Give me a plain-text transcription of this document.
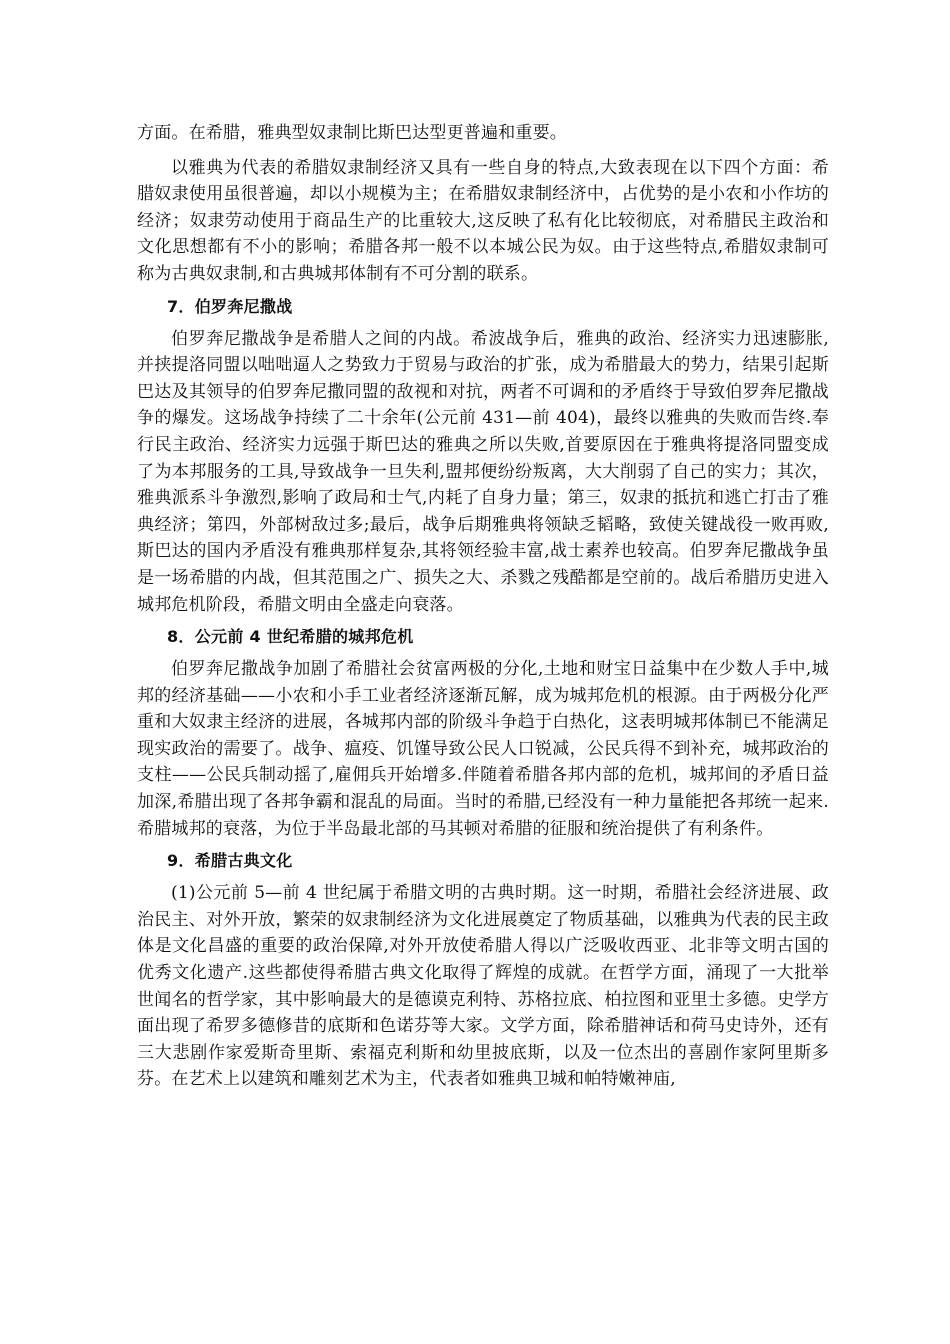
方面。在希腊，雅典型奴隶制比斯巴达型更普遍和重要。

以雅典为代表的希腊奴隶制经济又具有一些自身的特点,大致表现在以下四个方面：希腊奴隶使用虽很普遍，却以小规模为主；在希腊奴隶制经济中，占优势的是小农和小作坊的经济；奴隶劳动使用于商品生产的比重较大,这反映了私有化比较彻底，对希腊民主政治和文化思想都有不小的影响；希腊各邦一般不以本城公民为奴。由于这些特点,希腊奴隶制可称为古典奴隶制,和古典城邦体制有不可分割的联系。

7．伯罗奔尼撒战

伯罗奔尼撒战争是希腊人之间的内战。希波战争后，雅典的政治、经济实力迅速膨胀,并挟提洛同盟以咄咄逼人之势致力于贸易与政治的扩张，成为希腊最大的势力，结果引起斯巴达及其领导的伯罗奔尼撒同盟的敌视和对抗，两者不可调和的矛盾终于导致伯罗奔尼撒战争的爆发。这场战争持续了二十余年(公元前 431—前 404)，最终以雅典的失败而告终.奉行民主政治、经济实力远强于斯巴达的雅典之所以失败,首要原因在于雅典将提洛同盟变成了为本邦服务的工具,导致战争一旦失利,盟邦便纷纷叛离，大大削弱了自己的实力；其次，雅典派系斗争激烈,影响了政局和士气,内耗了自身力量；第三，奴隶的抵抗和逃亡打击了雅典经济；第四，外部树敌过多;最后，战争后期雅典将领缺乏韬略，致使关键战役一败再败,斯巴达的国内矛盾没有雅典那样复杂,其将领经验丰富,战士素养也较高。伯罗奔尼撒战争虽是一场希腊的内战，但其范围之广、损失之大、杀戮之残酷都是空前的。战后希腊历史进入城邦危机阶段，希腊文明由全盛走向衰落。

8．公元前 4 世纪希腊的城邦危机

伯罗奔尼撒战争加剧了希腊社会贫富两极的分化,土地和财宝日益集中在少数人手中,城邦的经济基础——小农和小手工业者经济逐渐瓦解，成为城邦危机的根源。由于两极分化严重和大奴隶主经济的进展，各城邦内部的阶级斗争趋于白热化，这表明城邦体制已不能满足现实政治的需要了。战争、瘟疫、饥馑导致公民人口锐减，公民兵得不到补充，城邦政治的支柱——公民兵制动摇了,雇佣兵开始增多.伴随着希腊各邦内部的危机，城邦间的矛盾日益加深,希腊出现了各邦争霸和混乱的局面。当时的希腊,已经没有一种力量能把各邦统一起来.希腊城邦的衰落，为位于半岛最北部的马其顿对希腊的征服和统治提供了有利条件。

9．希腊古典文化

(1)公元前 5—前 4 世纪属于希腊文明的古典时期。这一时期，希腊社会经济进展、政治民主、对外开放，繁荣的奴隶制经济为文化进展奠定了物质基础，以雅典为代表的民主政体是文化昌盛的重要的政治保障,对外开放使希腊人得以广泛吸收西亚、北非等文明古国的优秀文化遗产.这些都使得希腊古典文化取得了辉煌的成就。在哲学方面，涌现了一大批举世闻名的哲学家，其中影响最大的是德谟克利特、苏格拉底、柏拉图和亚里士多德。史学方面出现了希罗多德修昔的底斯和色诺芬等大家。文学方面，除希腊神话和荷马史诗外，还有三大悲剧作家爱斯奇里斯、索福克利斯和幼里披底斯，以及一位杰出的喜剧作家阿里斯多芬。在艺术上以建筑和雕刻艺术为主，代表者如雅典卫城和帕特嫩神庙,
